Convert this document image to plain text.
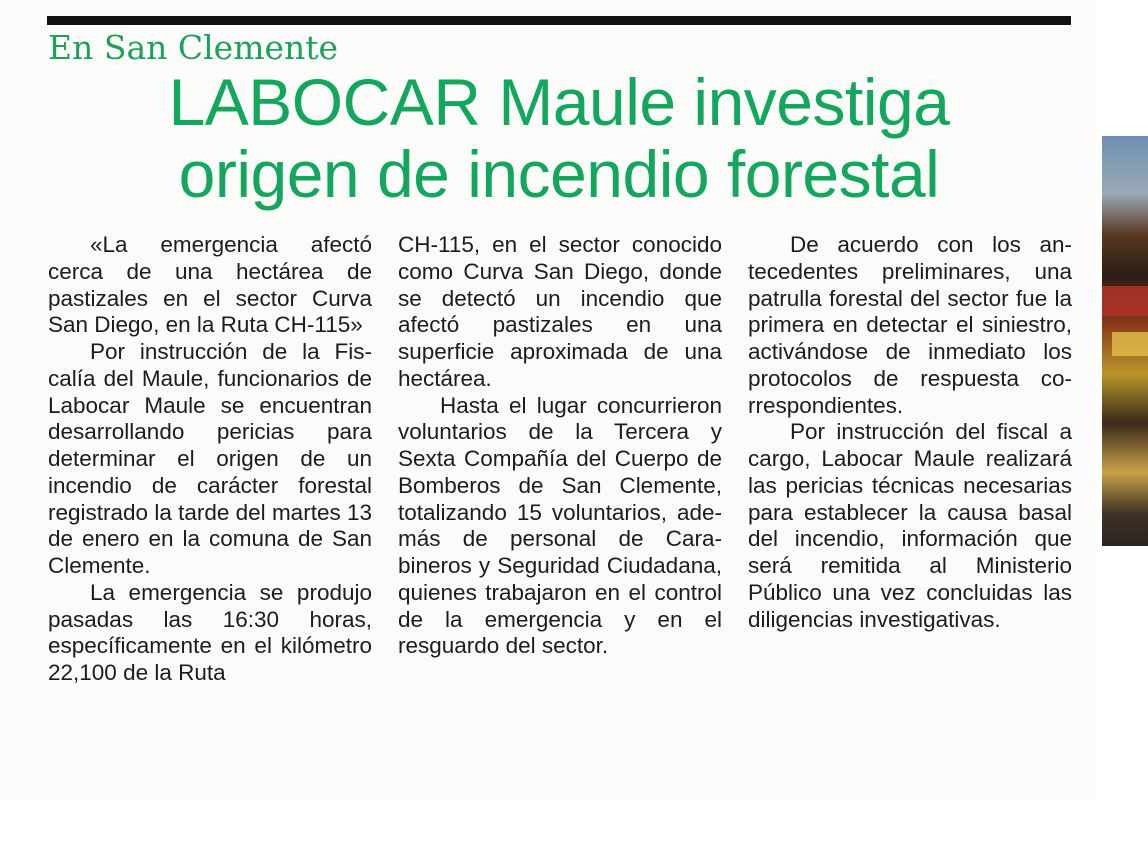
En San Clemente
LABOCAR Maule investiga
origen de incendio forestal

«La emergencia afectó cerca de una hectárea de pastizales en el sector Curva San Diego, en la Ruta CH-115»

Por instrucción de la Fiscalía del Maule, funcionarios de Labocar Maule se encuentran desarrollando pericias para determinar el origen de un incendio de carácter forestal registrado la tarde del martes 13 de enero en la comuna de San Clemente.

La emergencia se produjo pasadas las 16:30 horas, específicamente en el kilómetro 22,100 de la Ruta

CH-115, en el sector conocido como Curva San Diego, donde se detectó un incendio que afectó pastizales en una superficie aproximada de una hectárea.

Hasta el lugar concurrieron voluntarios de la Tercera y Sexta Compañía del Cuerpo de Bomberos de San Clemente, totalizando 15 voluntarios, además de personal de Carabineros y Seguridad Ciudadana, quienes trabajaron en el control de la emergencia y en el resguardo del sector.

De acuerdo con los antecedentes preliminares, una patrulla forestal del sector fue la primera en detectar el siniestro, activándose de inmediato los protocolos de respuesta correspondientes.

Por instrucción del fiscal a cargo, Labocar Maule realizará las pericias técnicas necesarias para establecer la causa basal del incendio, información que será remitida al Ministerio Público una vez concluidas las diligencias investigativas.
